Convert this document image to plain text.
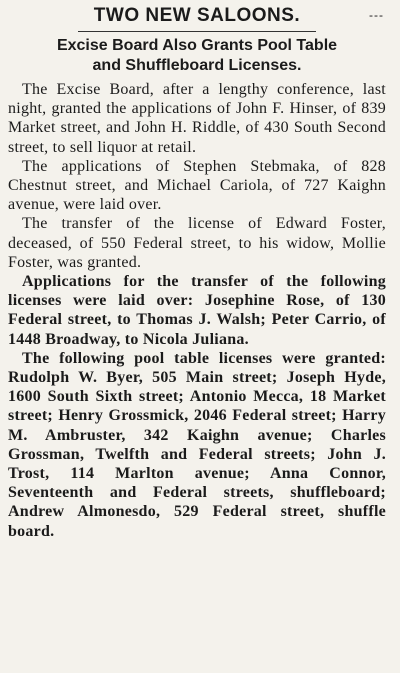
TWO NEW SALOONS.	---
Excise Board Also Grants Pool Table
and Shuffleboard Licenses.

The Excise Board, after a lengthy conference, last night, granted the applications of John F. Hinser, of 839 Market street, and John H. Riddle, of 430 South Second street, to sell liquor at retail.

The applications of Stephen Stebmaka, of 828 Chestnut street, and Michael Cariola, of 727 Kaighn avenue, were laid over.

The transfer of the license of Edward Foster, deceased, of 550 Federal street, to his widow, Mollie Foster, was granted.

Applications for the transfer of the following licenses were laid over: Josephine Rose, of 130 Federal street, to Thomas J. Walsh; Peter Carrio, of 1448 Broadway, to Nicola Juliana.

The following pool table licenses were granted: Rudolph W. Byer, 505 Main street; Joseph Hyde, 1600 South Sixth street; Antonio Mecca, 18 Market street; Henry Grossmick, 2046 Federal street; Harry M. Ambruster, 342 Kaighn avenue; Charles Grossman, Twelfth and Federal streets; John J. Trost, 114 Marlton avenue; Anna Connor, Seventeenth and Federal streets, shuffleboard; Andrew Almonesdo, 529 Federal street, shuffle board.
